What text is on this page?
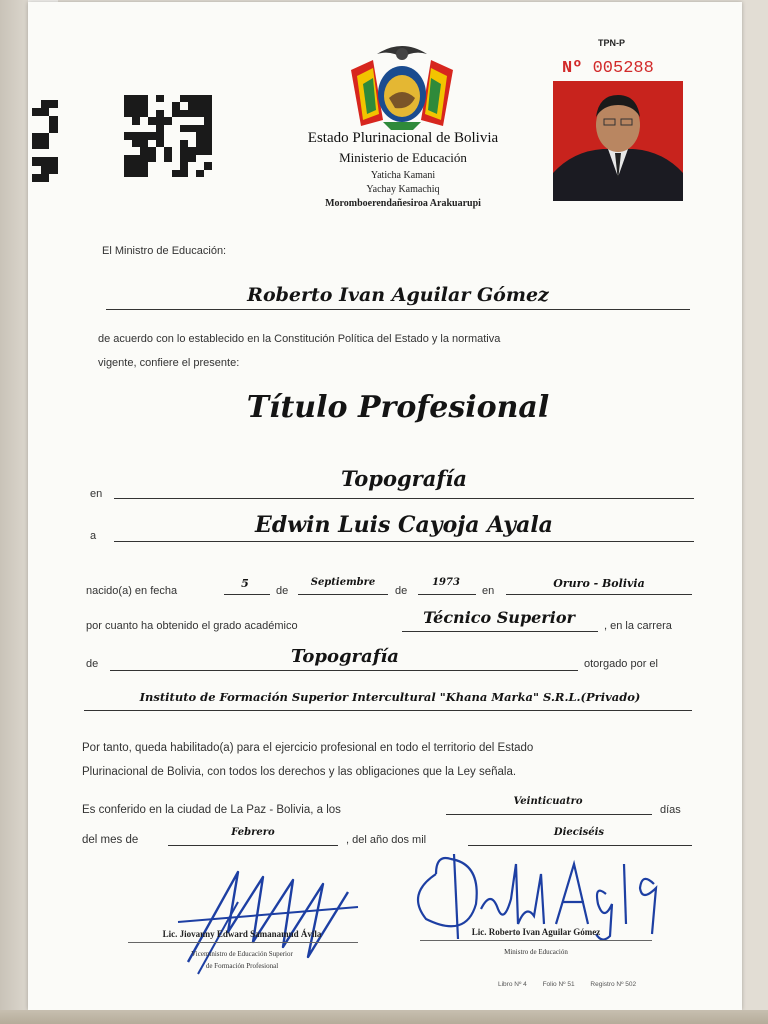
Estado Plurinacional de Bolivia
Ministerio de Educación
Yaticha Kamani
Yachay Kamachiq
Moromboerendañesiroa Arakuarupi
TPN-P
Nº 005288
El Ministro de Educación:
Roberto Ivan Aguilar Gómez
de acuerdo con lo establecido en la Constitución Política del Estado y la normativa
vigente, confiere el presente:
Título Profesional
en
Topografía
a	Edwin Luis Cayoja Ayala
nacido(a) en fecha
5
de
Septiembre
de
1973
en
Oruro - Bolivia
por cuanto ha obtenido el grado académico	Técnico Superior	, en la carrera
de	Topografía	otorgado por el
Instituto de Formación Superior Intercultural "Khana Marka" S.R.L.(Privado)
Por tanto, queda habilitado(a) para el ejercicio profesional en todo el territorio del Estado
Plurinacional de Bolivia, con todos los derechos y las obligaciones que la Ley señala.
Es conferido en la ciudad de La Paz - Bolivia, a los
Veinticuatro
días
del mes de
Febrero
, del año dos mil
Dieciséis
Lic. Jiovanny Edward Samanamud Ávila
Viceministro de Educación Superior
de Formación Profesional
Lic. Roberto Ivan Aguilar Gómez
Ministro de Educación
Libro Nº 4 Folio Nº 51 Registro Nº 502
